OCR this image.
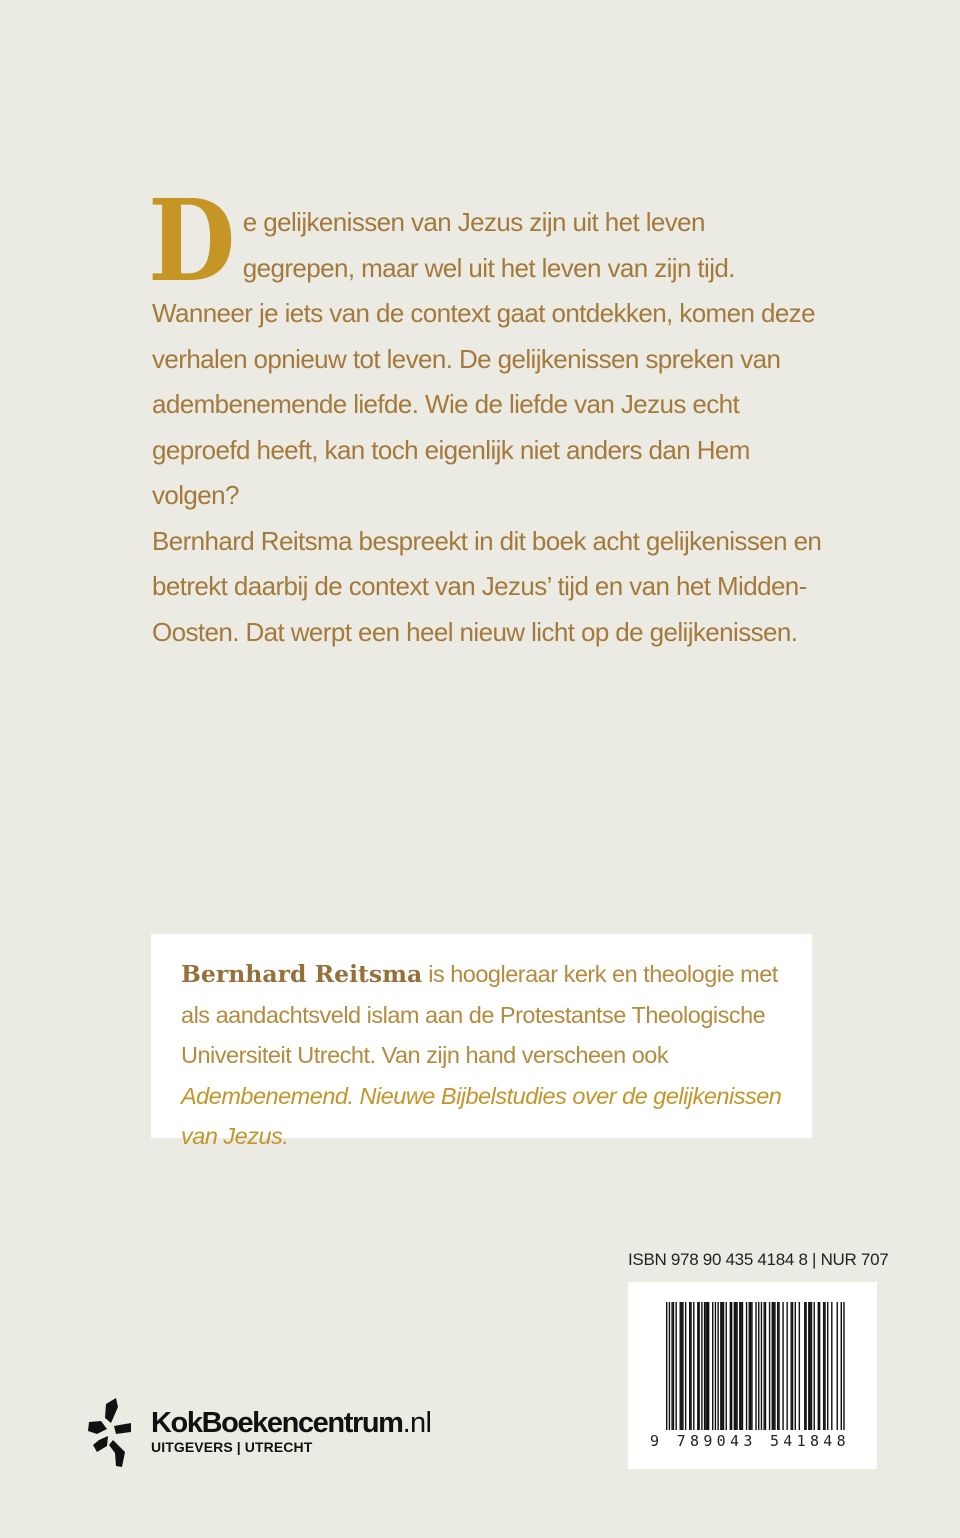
D e gelijkenissen van Jezus zijn uit het leven gegrepen, maar wel uit het leven van zijn tijd. Wanneer je iets van de context gaat ontdekken, komen deze verhalen opnieuw tot leven. De gelijkenissen spreken van adembenemende liefde. Wie de liefde van Jezus echt geproefd heeft, kan toch eigenlijk niet anders dan Hem volgen?

Bernhard Reitsma bespreekt in dit boek acht gelijkenissen en betrekt daarbij de context van Jezus’ tijd en van het Midden-Oosten. Dat werpt een heel nieuw licht op de gelijkenissen.

Bernhard Reitsma is hoogleraar kerk en theologie met als aandachtsveld islam aan de Protestantse Theologische Universiteit Utrecht. Van zijn hand verscheen ook Adembenemend. Nieuwe Bijbelstudies over de gelijkenissen van Jezus.
ISBN 978 90 435 4184 8 | NUR 707
9 789043 541848
KokBoekencentrum.nl
UITGEVERS | UTRECHT
